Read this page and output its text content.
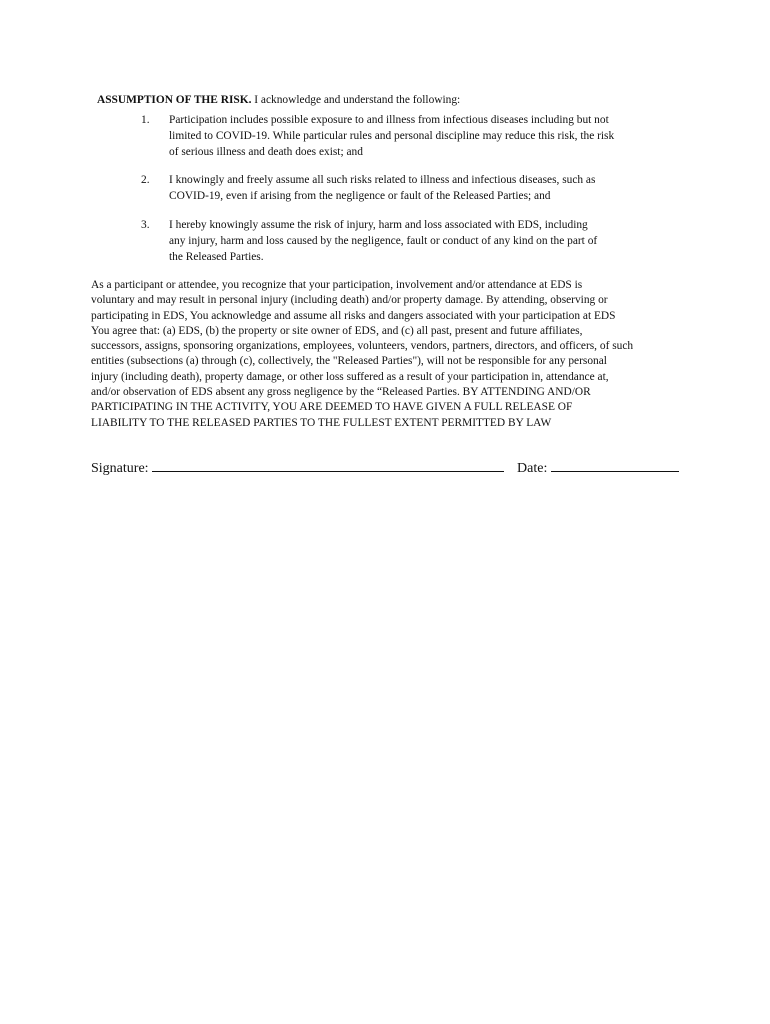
ASSUMPTION OF THE RISK. I acknowledge and understand the following:
1.	Participation includes possible exposure to and illness from infectious diseases including but not
limited to COVID-19. While particular rules and personal discipline may reduce this risk, the risk
of serious illness and death does exist; and
2.	I knowingly and freely assume all such risks related to illness and infectious diseases, such as
COVID-19, even if arising from the negligence or fault of the Released Parties; and
3.	I hereby knowingly assume the risk of injury, harm and loss associated with EDS, including
any injury, harm and loss caused by the negligence, fault or conduct of any kind on the part of
the Released Parties.
As a participant or attendee, you recognize that your participation, involvement and/or attendance at EDS is
voluntary and may result in personal injury (including death) and/or property damage. By attending, observing or
participating in EDS, You acknowledge and assume all risks and dangers associated with your participation at EDS
You agree that: (a) EDS, (b) the property or site owner of EDS, and (c) all past, present and future affiliates,
successors, assigns, sponsoring organizations, employees, volunteers, vendors, partners, directors, and officers, of such
entities (subsections (a) through (c), collectively, the "Released Parties"), will not be responsible for any personal
injury (including death), property damage, or other loss suffered as a result of your participation in, attendance at,
and/or observation of EDS absent any gross negligence by the “Released Parties. BY ATTENDING AND/OR
PARTICIPATING IN THE ACTIVITY, YOU ARE DEEMED TO HAVE GIVEN A FULL RELEASE OF
LIABILITY TO THE RELEASED PARTIES TO THE FULLEST EXTENT PERMITTED BY LAW
Signature:	Date:
